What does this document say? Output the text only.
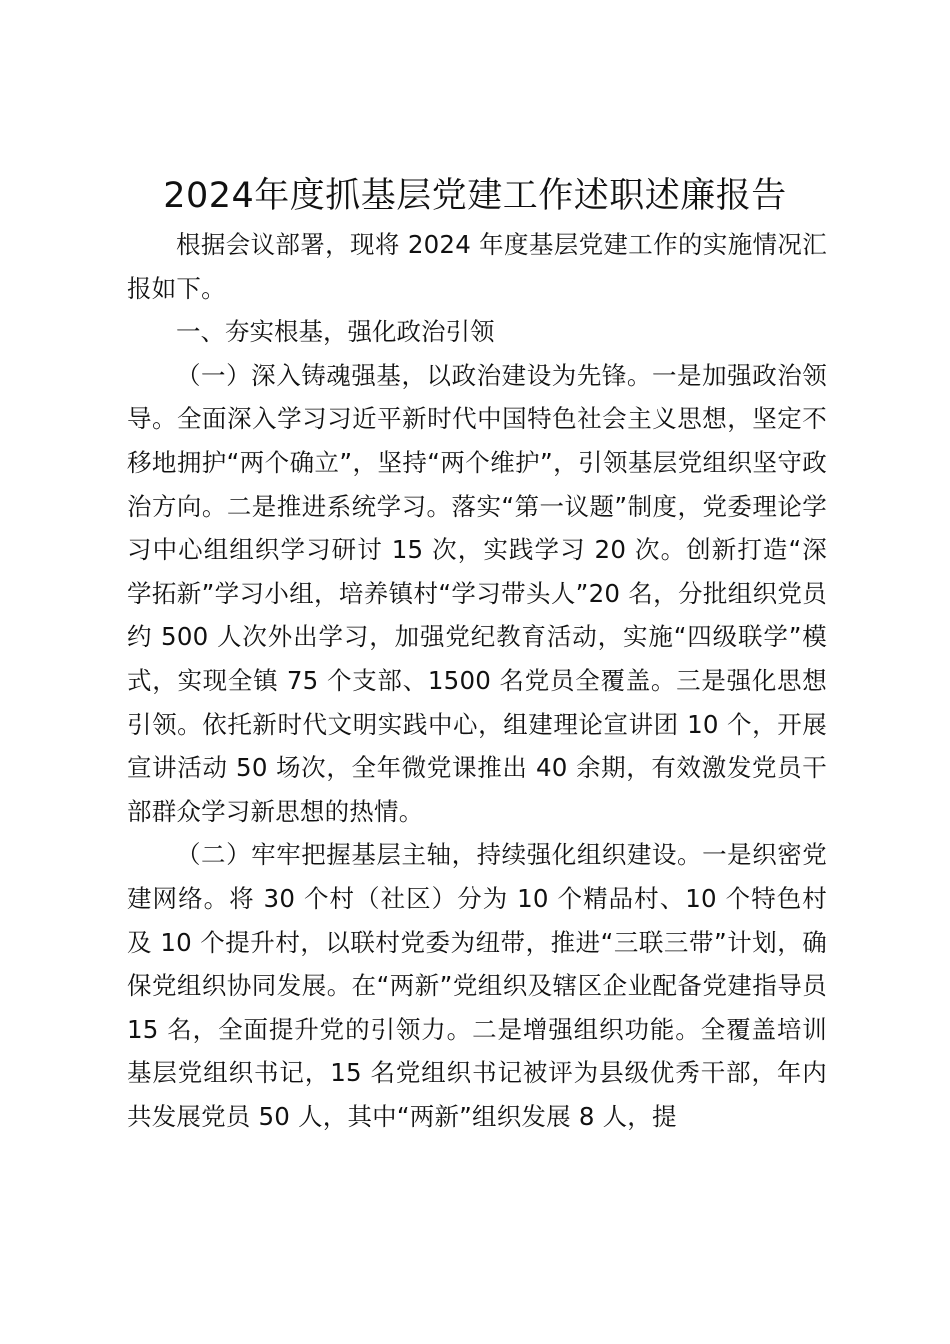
2024年度抓基层党建工作述职述廉报告

根据会议部署，现将 2024 年度基层党建工作的实施情况汇报如下。

一、夯实根基，强化政治引领

（一）深入铸魂强基，以政治建设为先锋。一是加强政治领导。全面深入学习习近平新时代中国特色社会主义思想，坚定不移地拥护“两个确立”，坚持“两个维护”，引领基层党组织坚守政治方向。二是推进系统学习。落实“第一议题”制度，党委理论学习中心组组织学习研讨 15 次，实践学习 20 次。创新打造“深学拓新”学习小组，培养镇村“学习带头人”20 名，分批组织党员约 500 人次外出学习，加强党纪教育活动，实施“四级联学”模式，实现全镇 75 个支部、1500 名党员全覆盖。三是强化思想引领。依托新时代文明实践中心，组建理论宣讲团 10 个，开展宣讲活动 50 场次，全年微党课推出 40 余期，有效激发党员干部群众学习新思想的热情。

（二）牢牢把握基层主轴，持续强化组织建设。一是织密党建网络。将 30 个村（社区）分为 10 个精品村、10 个特色村及 10 个提升村，以联村党委为纽带，推进“三联三带”计划，确保党组织协同发展。在“两新”党组织及辖区企业配备党建指导员 15 名，全面提升党的引领力。二是增强组织功能。全覆盖培训基层党组织书记，15 名党组织书记被评为县级优秀干部，年内共发展党员 50 人，其中“两新”组织发展 8 人，提
